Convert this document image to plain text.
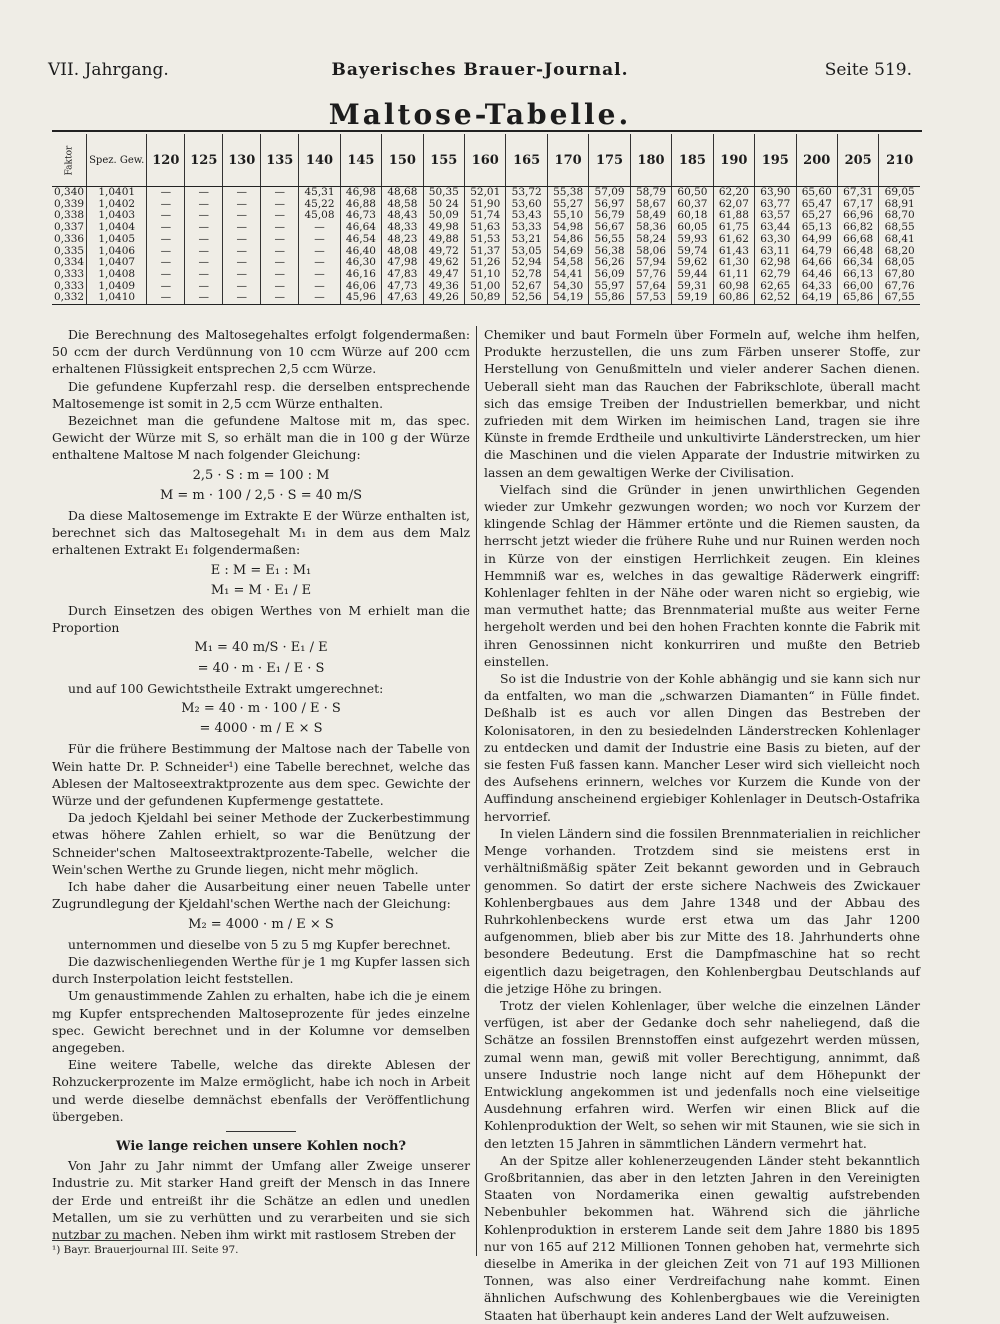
VII. Jahrgang.	Bayerisches Brauer-Journal.	Seite 519.
Maltose-Tabelle.
Faktor	Spez. Gew.	120	125	130	135	140	145	150	155	160	165	170	175	180	185	190	195	200	205	210
0,340	1,0401	—	—	—	—	45,31	46,98	48,68	50,35	52,01	53,72	55,38	57,09	58,79	60,50	62,20	63,90	65,60	67,31	69,05
0,339	1,0402	—	—	—	—	45,22	46,88	48,58	50 24	51,90	53,60	55,27	56,97	58,67	60,37	62,07	63,77	65,47	67,17	68,91
0,338	1,0403	—	—	—	—	45,08	46,73	48,43	50,09	51,74	53,43	55,10	56,79	58,49	60,18	61,88	63,57	65,27	66,96	68,70
0,337	1,0404	—	—	—	—	—	46,64	48,33	49,98	51,63	53,33	54,98	56,67	58,36	60,05	61,75	63,44	65,13	66,82	68,55
0,336	1,0405	—	—	—	—	—	46,54	48,23	49,88	51,53	53,21	54,86	56,55	58,24	59,93	61,62	63,30	64,99	66,68	68,41
0,335	1,0406	—	—	—	—	—	46,40	48,08	49,72	51,37	53,05	54,69	56,38	58,06	59,74	61,43	63,11	64,79	66,48	68,20
0,334	1,0407	—	—	—	—	—	46,30	47,98	49,62	51,26	52,94	54,58	56,26	57,94	59,62	61,30	62,98	64,66	66,34	68,05
0,333	1,0408	—	—	—	—	—	46,16	47,83	49,47	51,10	52,78	54,41	56,09	57,76	59,44	61,11	62,79	64,46	66,13	67,80
0,333	1,0409	—	—	—	—	—	46,06	47,73	49,36	51,00	52,67	54,30	55,97	57,64	59,31	60,98	62,65	64,33	66,00	67,76
0,332	1,0410	—	—	—	—	—	45,96	47,63	49,26	50,89	52,56	54,19	55,86	57,53	59,19	60,86	62,52	64,19	65,86	67,55

Die Berechnung des Maltosegehaltes erfolgt folgendermaßen: 50 ccm der durch Verdünnung von 10 ccm Würze auf 200 ccm erhaltenen Flüssigkeit entsprechen 2,5 ccm Würze.

Die gefundene Kupferzahl resp. die derselben entsprechende Maltosemenge ist somit in 2,5 ccm Würze enthalten.

Bezeichnet man die gefundene Maltose mit m, das spec. Gewicht der Würze mit S, so erhält man die in 100 g der Würze enthaltene Maltose M nach folgender Gleichung:

2,5 · S : m = 100 : M

M = m · 100 / 2,5 · S = 40 m/S

Da diese Maltosemenge im Extrakte E der Würze enthalten ist, berechnet sich das Maltosegehalt M₁ in dem aus dem Malz erhaltenen Extrakt E₁ folgendermaßen:

E : M = E₁ : M₁

M₁ = M · E₁ / E

Durch Einsetzen des obigen Werthes von M erhielt man die Proportion

M₁ = 40 m/S · E₁ / E

= 40 · m · E₁ / E · S

und auf 100 Gewichtstheile Extrakt umgerechnet:

M₂ = 40 · m · 100 / E · S

= 4000 · m / E × S

Für die frühere Bestimmung der Maltose nach der Tabelle von Wein hatte Dr. P. Schneider¹) eine Tabelle berechnet, welche das Ablesen der Maltoseextraktprozente aus dem spec. Gewichte der Würze und der gefundenen Kupfermenge gestattete.

Da jedoch Kjeldahl bei seiner Methode der Zuckerbestimmung etwas höhere Zahlen erhielt, so war die Benützung der Schneider'schen Maltoseextraktprozente-Tabelle, welcher die Wein'schen Werthe zu Grunde liegen, nicht mehr möglich.

Ich habe daher die Ausarbeitung einer neuen Tabelle unter Zugrundlegung der Kjeldahl'schen Werthe nach der Gleichung:

M₂ = 4000 · m / E × S

unternommen und dieselbe von 5 zu 5 mg Kupfer berechnet.

Die dazwischenliegenden Werthe für je 1 mg Kupfer lassen sich durch Insterpolation leicht feststellen.

Um genaustimmende Zahlen zu erhalten, habe ich die je einem mg Kupfer entsprechenden Maltoseprozente für jedes einzelne spec. Gewicht berechnet und in der Kolumne vor demselben angegeben.

Eine weitere Tabelle, welche das direkte Ablesen der Rohzuckerprozente im Malze ermöglicht, habe ich noch in Arbeit und werde dieselbe demnächst ebenfalls der Veröffentlichung übergeben.

Wie lange reichen unsere Kohlen noch?

Von Jahr zu Jahr nimmt der Umfang aller Zweige unserer Industrie zu. Mit starker Hand greift der Mensch in das Innere der Erde und entreißt ihr die Schätze an edlen und unedlen Metallen, um sie zu verhütten und zu verarbeiten und sie sich nutzbar zu machen. Neben ihm wirkt mit rastlosem Streben der

Chemiker und baut Formeln über Formeln auf, welche ihm helfen, Produkte herzustellen, die uns zum Färben unserer Stoffe, zur Herstellung von Genußmitteln und vieler anderer Sachen dienen. Ueberall sieht man das Rauchen der Fabrikschlote, überall macht sich das emsige Treiben der Industriellen bemerkbar, und nicht zufrieden mit dem Wirken im heimischen Land, tragen sie ihre Künste in fremde Erdtheile und unkultivirte Länderstrecken, um hier die Maschinen und die vielen Apparate der Industrie mitwirken zu lassen an dem gewaltigen Werke der Civilisation.

Vielfach sind die Gründer in jenen unwirthlichen Gegenden wieder zur Umkehr gezwungen worden; wo noch vor Kurzem der klingende Schlag der Hämmer ertönte und die Riemen sausten, da herrscht jetzt wieder die frühere Ruhe und nur Ruinen werden noch in Kürze von der einstigen Herrlichkeit zeugen. Ein kleines Hemmniß war es, welches in das gewaltige Räderwerk eingriff: Kohlenlager fehlten in der Nähe oder waren nicht so ergiebig, wie man vermuthet hatte; das Brennmaterial mußte aus weiter Ferne hergeholt werden und bei den hohen Frachten konnte die Fabrik mit ihren Genossinnen nicht konkurriren und mußte den Betrieb einstellen.

So ist die Industrie von der Kohle abhängig und sie kann sich nur da entfalten, wo man die „schwarzen Diamanten“ in Fülle findet. Deßhalb ist es auch vor allen Dingen das Bestreben der Kolonisatoren, in den zu besiedelnden Länderstrecken Kohlenlager zu entdecken und damit der Industrie eine Basis zu bieten, auf der sie festen Fuß fassen kann. Mancher Leser wird sich vielleicht noch des Aufsehens erinnern, welches vor Kurzem die Kunde von der Auffindung anscheinend ergiebiger Kohlenlager in Deutsch-Ostafrika hervorrief.

In vielen Ländern sind die fossilen Brennmaterialien in reichlicher Menge vorhanden. Trotzdem sind sie meistens erst in verhältnißmäßig später Zeit bekannt geworden und in Gebrauch genommen. So datirt der erste sichere Nachweis des Zwickauer Kohlenbergbaues aus dem Jahre 1348 und der Abbau des Ruhrkohlenbeckens wurde erst etwa um das Jahr 1200 aufgenommen, blieb aber bis zur Mitte des 18. Jahrhunderts ohne besondere Bedeutung. Erst die Dampfmaschine hat so recht eigentlich dazu beigetragen, den Kohlenbergbau Deutschlands auf die jetzige Höhe zu bringen.

Trotz der vielen Kohlenlager, über welche die einzelnen Länder verfügen, ist aber der Gedanke doch sehr naheliegend, daß die Schätze an fossilen Brennstoffen einst aufgezehrt werden müssen, zumal wenn man, gewiß mit voller Berechtigung, annimmt, daß unsere Industrie noch lange nicht auf dem Höhepunkt der Entwicklung angekommen ist und jedenfalls noch eine vielseitige Ausdehnung erfahren wird. Werfen wir einen Blick auf die Kohlenproduktion der Welt, so sehen wir mit Staunen, wie sie sich in den letzten 15 Jahren in sämmtlichen Ländern vermehrt hat.

An der Spitze aller kohlenerzeugenden Länder steht bekanntlich Großbritannien, das aber in den letzten Jahren in den Vereinigten Staaten von Nordamerika einen gewaltig aufstrebenden Nebenbuhler bekommen hat. Während sich die jährliche Kohlenproduktion in ersterem Lande seit dem Jahre 1880 bis 1895 nur von 165 auf 212 Millionen Tonnen gehoben hat, vermehrte sich dieselbe in Amerika in der gleichen Zeit von 71 auf 193 Millionen Tonnen, was also einer Verdreifachung nahe kommt. Einen ähnlichen Aufschwung des Kohlenbergbaues wie die Vereinigten Staaten hat überhaupt kein anderes Land der Welt aufzuweisen.

¹) Bayr. Brauerjournal III. Seite 97.
